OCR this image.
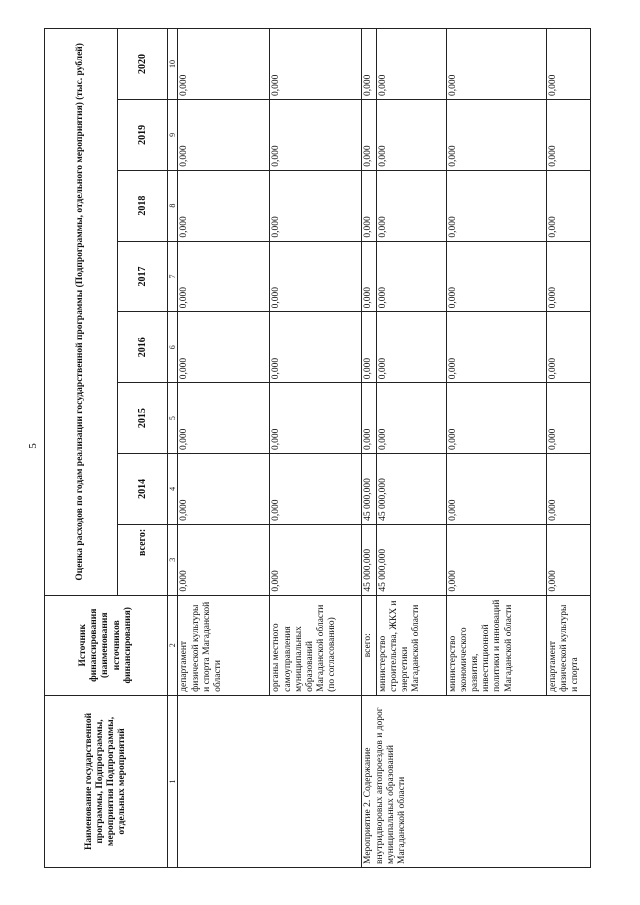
5
Наименование государственной программы, Подпрограммы, мероприятия Подпрограммы, отдельных мероприятий	Источник финансирования (наименования источников финансирования)	Оценка расходов по годам реализации государственной программы (Подпрограммы, отдельного мероприятия) (тыс. рублей)							
		всего:	2014	2015	2016	2017	2018	2019	2020
1	2	3	4	5	6	7	8	9	10
	департамент физической культуры и спорта Магаданской области	0,000	0,000	0,000	0,000	0,000	0,000	0,000	0,000
	органы местного самоуправления муниципальных образований Магаданской области (по согласованию)	0,000	0,000	0,000	0,000	0,000	0,000	0,000	0,000
Мероприятие 2. Содержание внутридворовых автопроездов и дорог муниципальных образований Магаданской области	всего:	45 000,000	45 000,000	0,000	0,000	0,000	0,000	0,000	0,000
	министерство строительства, ЖКХ и энергетики Магаданской области	45 000,000	45 000,000	0,000	0,000	0,000	0,000	0,000	0,000
	министерство экономического развития, инвестиционной политики и инноваций Магаданской области	0,000	0,000	0,000	0,000	0,000	0,000	0,000	0,000
	департамент физической культуры и спорта	0,000	0,000	0,000	0,000	0,000	0,000	0,000	0,000
